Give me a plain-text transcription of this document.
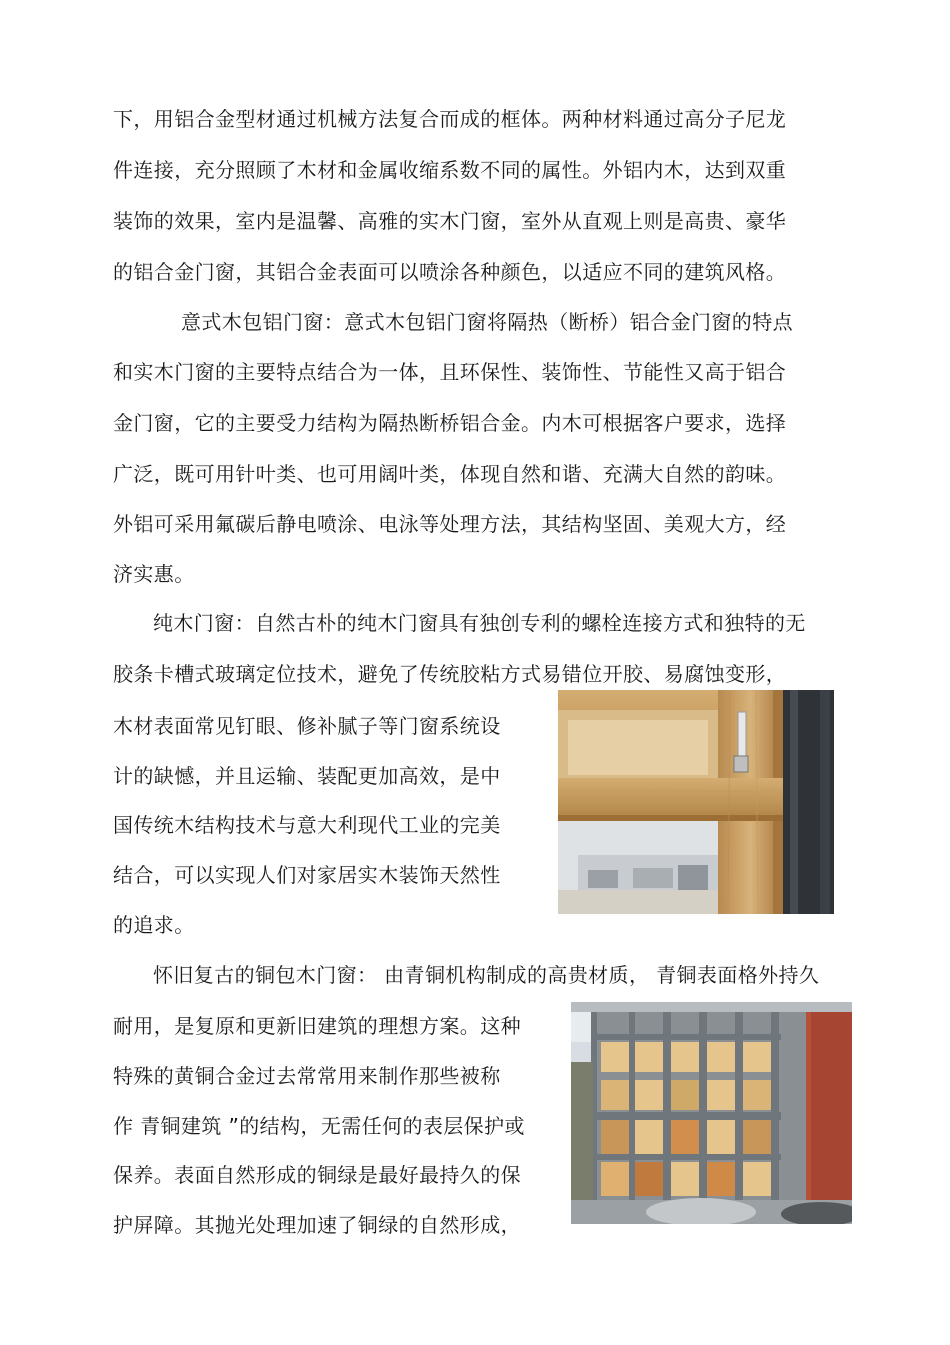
下，用铝合金型材通过机械方法复合而成的框体。两种材料通过高分子尼龙
件连接，充分照顾了木材和金属收缩系数不同的属性。外铝内木，达到双重
装饰的效果，室内是温馨、高雅的实木门窗，室外从直观上则是高贵、豪华
的铝合金门窗，其铝合金表面可以喷涂各种颜色，以适应不同的建筑风格。
意式木包铝门窗：意式木包铝门窗将隔热（断桥）铝合金门窗的特点
和实木门窗的主要特点结合为一体，且环保性、装饰性、节能性又高于铝合
金门窗，它的主要受力结构为隔热断桥铝合金。内木可根据客户要求，选择
广泛，既可用针叶类、也可用阔叶类，体现自然和谐、充满大自然的韵味。
外铝可采用氟碳后静电喷涂、电泳等处理方法，其结构坚固、美观大方，经
济实惠。
纯木门窗：自然古朴的纯木门窗具有独创专利的螺栓连接方式和独特的无
胶条卡槽式玻璃定位技术，避免了传统胶粘方式易错位开胶、易腐蚀变形，
木材表面常见钉眼、修补腻子等门窗系统设
计的缺憾，并且运输、装配更加高效，是中
国传统木结构技术与意大利现代工业的完美
结合，可以实现人们对家居实木装饰天然性
的追求。
怀旧复古的铜包木门窗： 由青铜机构制成的高贵材质， 青铜表面格外持久
耐用，是复原和更新旧建筑的理想方案。这种
特殊的黄铜合金过去常常用来制作那些被称
作 青铜建筑 ”的结构，无需任何的表层保护或
保养。表面自然形成的铜绿是最好最持久的保
护屏障。其抛光处理加速了铜绿的自然形成，
